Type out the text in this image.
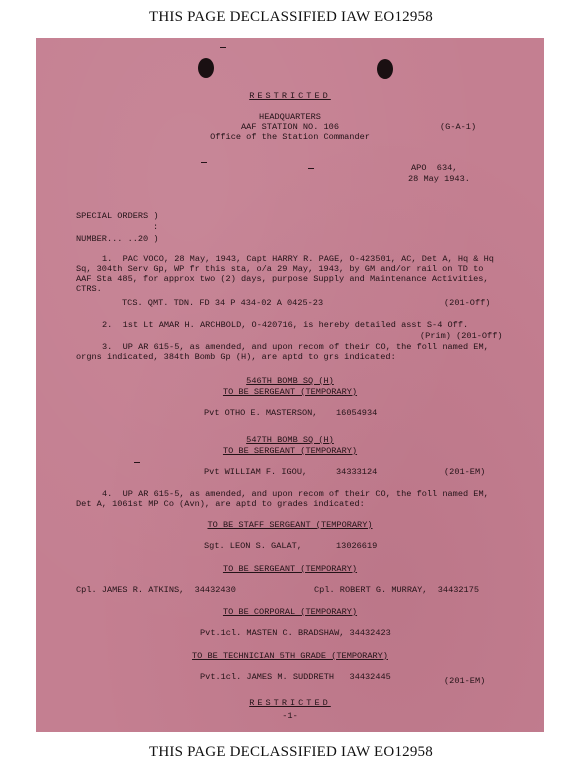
THIS PAGE DECLASSIFIED IAW EO12958
RESTRICTED
HEADQUARTERS
AAF STATION NO. 106
Office of the Station Commander
(G-A-1)
APO  634,
28 May 1943.
SPECIAL ORDERS )
:
NUMBER... ..20 )
1.  PAC VOCO, 28 May, 1943, Capt HARRY R. PAGE, O-423501, AC, Det A, Hq & Hq
Sq, 304th Serv Gp, WP fr this sta, o/a 29 May, 1943, by GM and/or rail on TD to
AAF Sta 485, for approx two (2) days, purpose Supply and Maintenance Activities,
CTRS.
TCS. QMT. TDN. FD 34 P 434-02 A 0425-23	(201-Off)
2.  1st Lt AMAR H. ARCHBOLD, O-420716, is hereby detailed asst S-4 Off.
(Prim) (201-Off)
3.  UP AR 615-5, as amended, and upon recom of their CO, the foll named EM,
orgns indicated, 384th Bomb Gp (H), are aptd to grs indicated:
546TH BOMB SQ (H)
TO BE SERGEANT (TEMPORARY)
Pvt OTHO E. MASTERSON, 16054934
547TH BOMB SQ (H)
TO BE SERGEANT (TEMPORARY)
Pvt WILLIAM F. IGOU,	34333124	(201-EM)
4.  UP AR 615-5, as amended, and upon recom of their CO, the foll named EM,
Det A, 1061st MP Co (Avn), are aptd to grades indicated:
TO BE STAFF SERGEANT (TEMPORARY)
Sgt. LEON S. GALAT,	13026619
TO BE SERGEANT (TEMPORARY)
Cpl. JAMES R. ATKINS,  34432430	Cpl. ROBERT G. MURRAY,  34432175
TO BE CORPORAL (TEMPORARY)
Pvt.1cl. MASTEN C. BRADSHAW, 34432423
TO BE TECHNICIAN 5TH GRADE (TEMPORARY)
Pvt.1cl. JAMES M. SUDDRETH   34432445	(201-EM)
RESTRICTED
-1-
THIS PAGE DECLASSIFIED IAW EO12958
